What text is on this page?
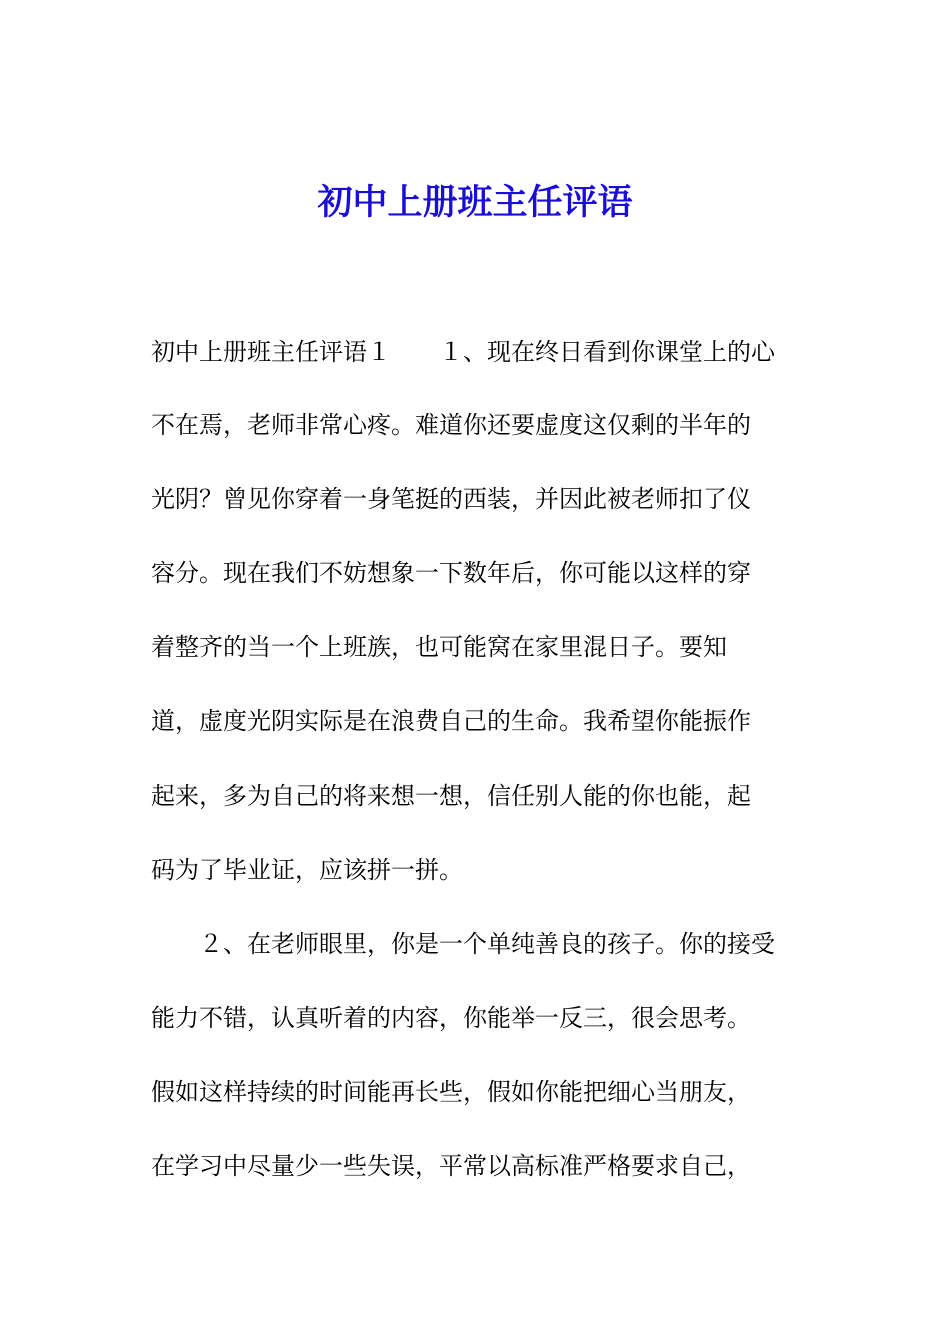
初中上册班主任评语
初中上册班主任评语１　　１、现在终日看到你课堂上的心
不在焉，老师非常心疼。难道你还要虚度这仅剩的半年的
光阴？曾见你穿着一身笔挺的西装，并因此被老师扣了仪
容分。现在我们不妨想象一下数年后，你可能以这样的穿
着整齐的当一个上班族，也可能窝在家里混日子。要知
道，虚度光阴实际是在浪费自己的生命。我希望你能振作
起来，多为自己的将来想一想，信任别人能的你也能，起
码为了毕业证，应该拼一拼。
　　２、在老师眼里，你是一个单纯善良的孩子。你的接受
能力不错，认真听着的内容，你能举一反三，很会思考。
假如这样持续的时间能再长些，假如你能把细心当朋友，
在学习中尽量少一些失误，平常以高标准严格要求自己，
